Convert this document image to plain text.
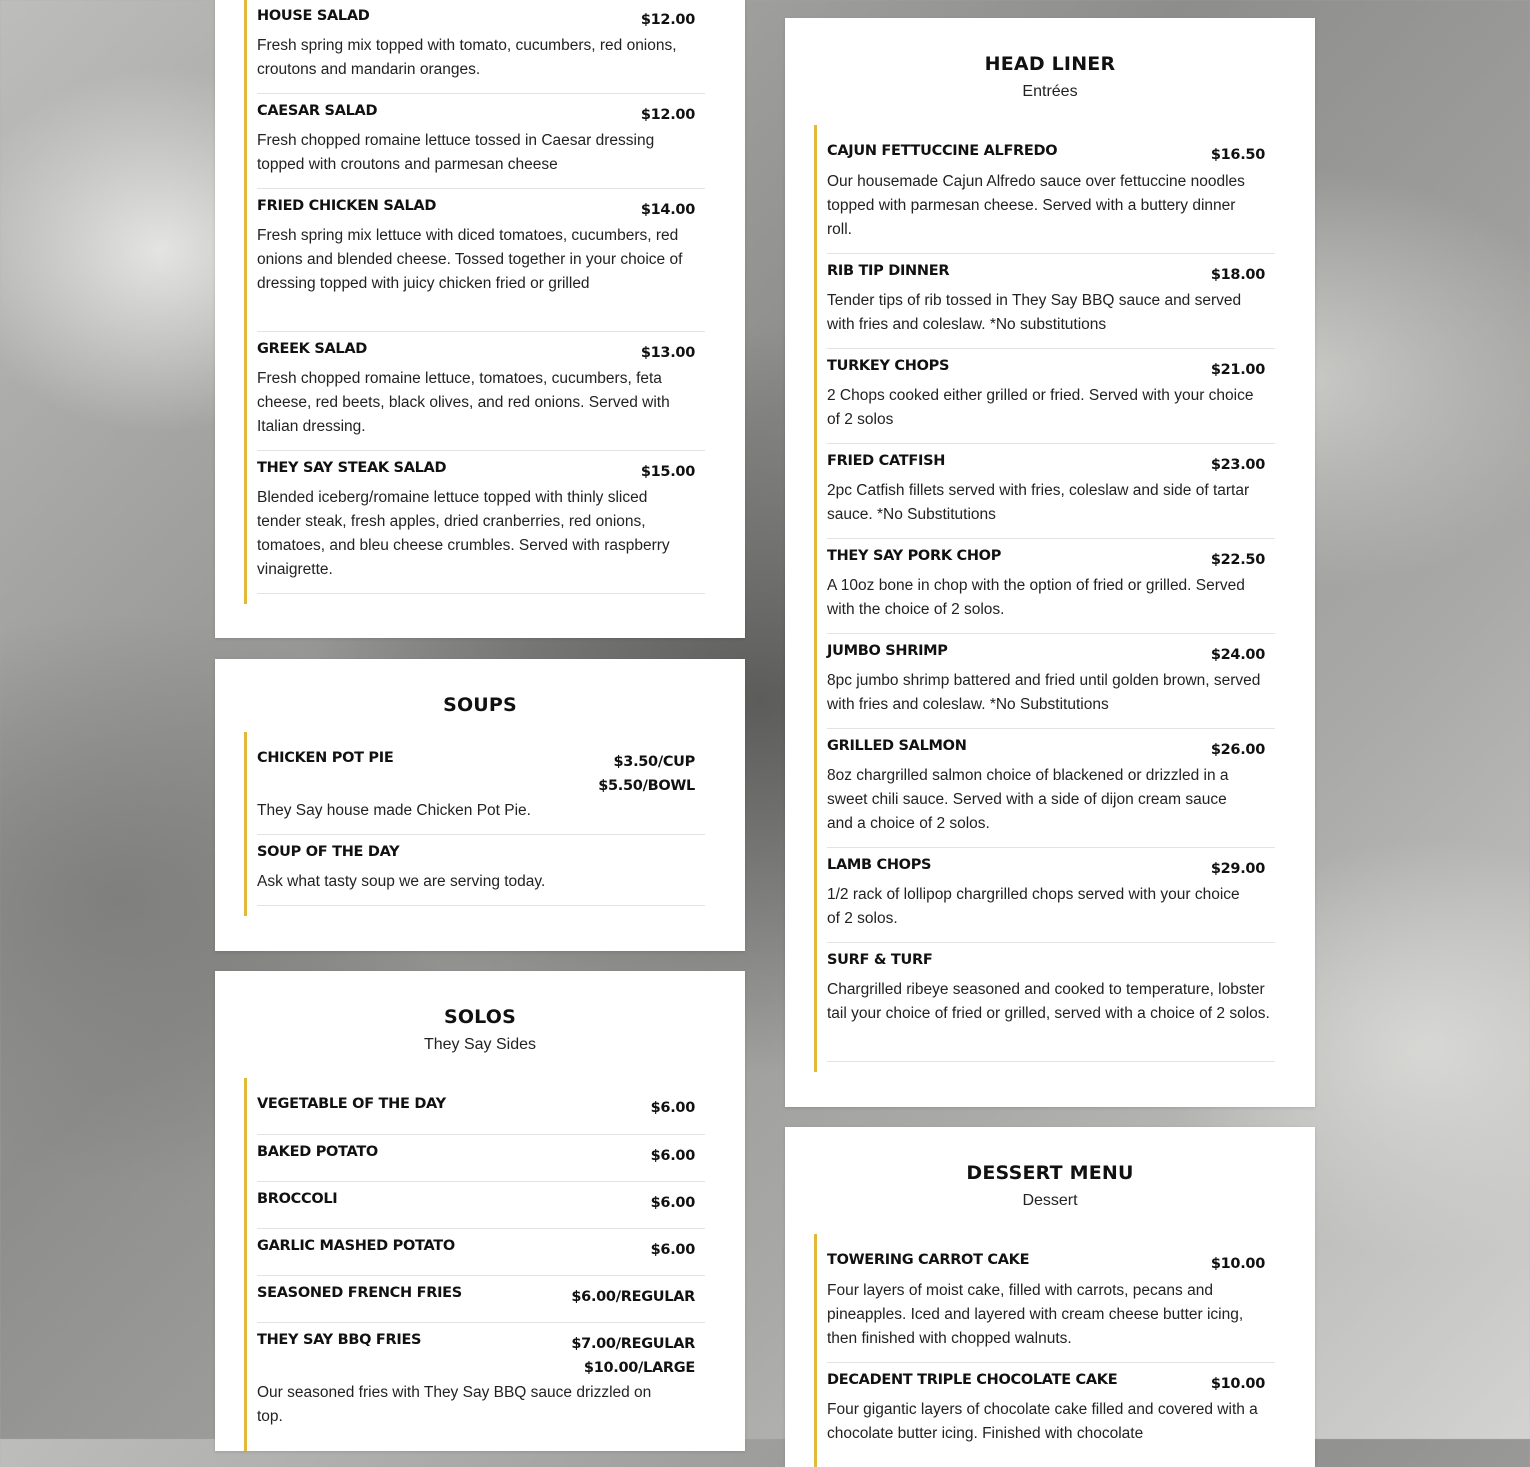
HOUSE SALAD	$12.00
Fresh spring mix topped with tomato, cucumbers, red onions, croutons and mandarin oranges.
CAESAR SALAD	$12.00
Fresh chopped romaine lettuce tossed in Caesar dressing topped with croutons and parmesan cheese
FRIED CHICKEN SALAD	$14.00
Fresh spring mix lettuce with diced tomatoes, cucumbers, red onions and blended cheese. Tossed together in your choice of dressing topped with juicy chicken fried or grilled
GREEK SALAD	$13.00
Fresh chopped romaine lettuce, tomatoes, cucumbers, feta cheese, red beets, black olives, and red onions. Served with Italian dressing.
THEY SAY STEAK SALAD	$15.00
Blended iceberg/romaine lettuce topped with thinly sliced tender steak, fresh apples, dried cranberries, red onions, tomatoes, and bleu cheese crumbles. Served with raspberry vinaigrette.
SOUPS
CHICKEN POT PIE	$3.50/CUP
$5.50/BOWL
They Say house made Chicken Pot Pie.
SOUP OF THE DAY
Ask what tasty soup we are serving today.
SOLOS
They Say Sides
VEGETABLE OF THE DAY	$6.00
BAKED POTATO	$6.00
BROCCOLI	$6.00
GARLIC MASHED POTATO	$6.00
SEASONED FRENCH FRIES	$6.00/REGULAR
THEY SAY BBQ FRIES	$7.00/REGULAR
$10.00/LARGE
Our seasoned fries with They Say BBQ sauce drizzled on top.
HEAD LINER
Entrées
CAJUN FETTUCCINE ALFREDO	$16.50
Our housemade Cajun Alfredo sauce over fettuccine noodles topped with parmesan cheese. Served with a buttery dinner roll.
RIB TIP DINNER	$18.00
Tender tips of rib tossed in They Say BBQ sauce and served with fries and coleslaw. *No substitutions
TURKEY CHOPS	$21.00
2 Chops cooked either grilled or fried. Served with your choice of 2 solos
FRIED CATFISH	$23.00
2pc Catfish fillets served with fries, coleslaw and side of tartar sauce. *No Substitutions
THEY SAY PORK CHOP	$22.50
A 10oz bone in chop with the option of fried or grilled. Served with the choice of 2 solos.
JUMBO SHRIMP	$24.00
8pc jumbo shrimp battered and fried until golden brown, served with fries and coleslaw. *No Substitutions
GRILLED SALMON	$26.00
8oz chargrilled salmon choice of blackened or drizzled in a sweet chili sauce. Served with a side of dijon cream sauce and a choice of 2 solos.
LAMB CHOPS	$29.00
1/2 rack of lollipop chargrilled chops served with your choice of 2 solos.
SURF & TURF
Chargrilled ribeye seasoned and cooked to temperature, lobster tail your choice of fried or grilled, served with a choice of 2 solos.
DESSERT MENU
Dessert
TOWERING CARROT CAKE	$10.00
Four layers of moist cake, filled with carrots, pecans and pineapples. Iced and layered with cream cheese butter icing, then finished with chopped walnuts.
DECADENT TRIPLE CHOCOLATE CAKE	$10.00
Four gigantic layers of chocolate cake filled and covered with a chocolate butter icing. Finished with chocolate
